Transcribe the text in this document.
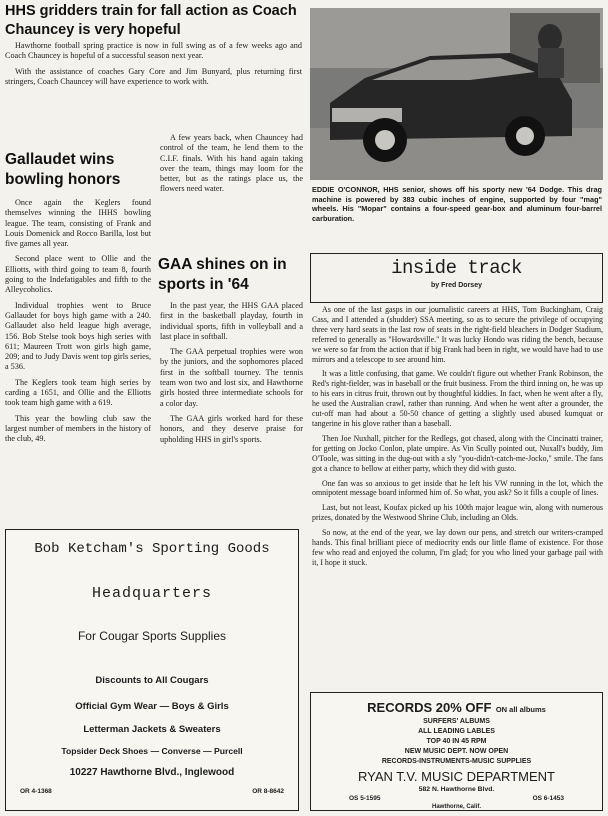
HHS gridders train for fall action as Coach Chauncey is very hopeful

Hawthorne football spring practice is now in full swing as of a few weeks ago and Coach Chauncey is hopeful of a successful season next year.

With the assistance of coaches Gary Core and Jim Bunyard, plus returning first stringers, Coach Chauncey will have experience to work with.

A few years back, when Chauncey had control of the team, he lend them to the C.I.F. finals. With his hand again taking over the team, things may loom for the better, but as the ratings place us, the flowers need water.

Gallaudet wins bowling honors

Once again the Keglers found themselves winning the IHHS bowling league. The team, consisting of Frank and Louis Domenick and Rocco Barilla, lost but five games all year.

Second place went to Ollie and the Elliotts, with third going to team 8, fourth going to the Indefatigables and fifth to the Alleycoholics.

Individual trophies went to Bruce Gallaudet for boys high game with a 240. Gallaudet also held league high average, 156. Bob Stelse took boys high series with 611; Maureen Trott won girls high game, 209; and to Judy Davis went top girls series, a 536.

The Keglers took team high series by carding a 1651, and Ollie and the Elliotts took team high game with a 619.

This year the bowling club saw the largest number of members in the history of the club, 49.

GAA shines on in sports in '64

In the past year, the HHS GAA placed first in the basketball playday, fourth in individual sports, fifth in volleyball and a last place in softball.

The GAA perpetual trophies were won by the juniors, and the sophomores placed first in the softball tourney. The tennis team won two and lost six, and Hawthorne girls hosted three intermediate schools for a color day.

The GAA girls worked hard for these honors, and they deserve praise for upholding HHS in girl's sports.

EDDIE O'CONNOR, HHS senior, shows off his sporty new '64 Dodge. This drag machine is powered by 383 cubic inches of engine, supported by four "mag" wheels. His "Mopar" contains a four-speed gear-box and aluminum four-barrel carburation.
inside track
by Fred Dorsey

As one of the last gasps in our journalistic careers at HHS, Tom Buckingham, Craig Cass, and I attended a (shudder) SSA meeting, so as to secure the privilege of occupying three very hard seats in the last row of seats in the right-field bleachers in Dodger Stadium, referred to generally as "Howardsville." It was lucky Hondo was riding the bench, because we were so far from the action that if big Frank had been in right, we would have had to use mirrors and a telescope to see around him.

It was a little confusing, that game. We couldn't figure out whether Frank Robinson, the Red's right-fielder, was in baseball or the fruit business. From the third inning on, he was up to his ears in citrus fruit, thrown out by thoughtful kiddies. In fact, when he went after a fly, he used the Australian crawl, rather than running. And when he went after a grounder, the cut-off man had about a 50-50 chance of getting a slightly used abused kumquat or tangerine in his glove rather than a baseball.

Then Joe Nuxhall, pitcher for the Redlegs, got chased, along with the Cincinatti trainer, for getting on Jocko Conlon, plate umpire. As Vin Scully pointed out, Nuxall's buddy, Jim O'Toole, was sitting in the dug-out with a sly "you-didn't-catch-me-Jocko," smile. The fans got a chance to bellow at either party, which they did with gusto.

One fan was so anxious to get inside that he left his VW running in the lot, which the omnipotent message board informed him of. So what, you ask? So it fills a couple of lines.

Last, but not least, Koufax picked up his 100th major league win, along with numerous prizes, donated by the Westwood Shrine Club, including an Olds.

So now, at the end of the year, we lay down our pens, and stretch our writers-cramped hands. This final brilliant piece of mediocrity ends our little flame of existence. For those few who read and enjoyed the column, I'm glad; for you who lined your garbage pail with it, I hope it stuck.

Bob Ketcham's Sporting Goods
Headquarters
For Cougar Sports Supplies
Discounts to All Cougars
Official Gym Wear — Boys & Girls
Letterman Jackets & Sweaters
Topsider Deck Shoes — Converse — Purcell
10227 Hawthorne Blvd., Inglewood
OR 4-1368	OR 8-8642
RECORDS 20% OFF ON all albums
SURFERS' ALBUMS
ALL LEADING LABLES
TOP 40 IN 45 RPM
NEW MUSIC DEPT. NOW OPEN
RECORDS-INSTRUMENTS-MUSIC SUPPLIES
RYAN T.V. MUSIC DEPARTMENT
582 N. Hawthorne Blvd.
OS 5-1595	OS 6-1453
Hawthorne, Calif.
